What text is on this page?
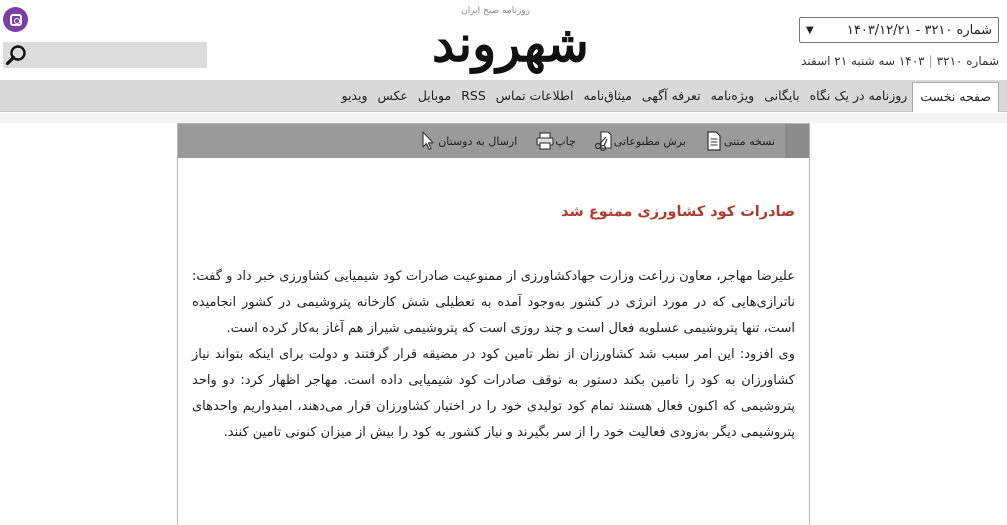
روزنامه صبح ایران
شهروند	شماره ۳۲۱۰ - ۱۴۰۳/۱۲/۲۱
▼
شماره ۳۲۱۰|۱۴۰۳ سه شنبه ۲۱ اسفند
صفحه نخست
روزنامه در یک نگاه
بایگانی
ویژه‌نامه
تعرفه آگهی
میثاق‌نامه
اطلاعات تماس
RSS
موبایل
عکس
ویدیو
نسخه متنی
برش مطبوعاتی
چاپ
ارسال به دوستان
صادرات کود کشاورزی ممنوع شد

علیرضا مهاجر، معاون زراعت وزارت جهادکشاورزی از ممنوعیت صادرات کود شیمیایی کشاورزی خبر داد و گفت: ناترازی‌هایی که در مورد انرژی در کشور به‌وجود آمده به تعطیلی شش کارخانه پتروشیمی در کشور انجامیده است، تنها پتروشیمی عسلویه فعال است و چند روزی است که پتروشیمی شیراز هم آغاز به‌کار کرده است.

وی افزود: این امر سبب شد کشاورزان از نظر تامین کود در مضیقه قرار گرفتند و دولت برای اینکه بتواند نیاز کشاورزان به کود را تامین بکند دستور به توقف صادرات کود شیمیایی داده است. مهاجر اظهار کرد: دو واحد پتروشیمی که اکنون فعال هستند تمام کود تولیدی خود را در اختیار کشاورزان قرار می‌دهند، امیدواریم واحدهای پتروشیمی دیگر به‌زودی فعالیت خود را از سر بگیرند و نیاز کشور به کود را بیش از میزان کنونی تامین کنند.
